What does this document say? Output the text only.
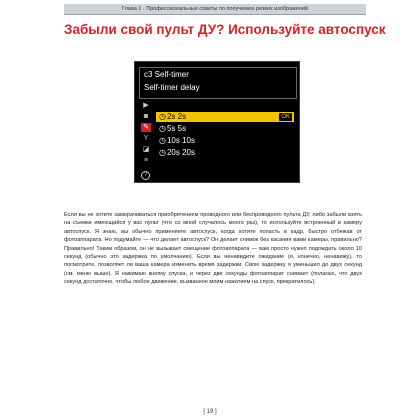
Глава 1 · Профессиональные советы по получению резких изображений
Забыли свой пульт ДУ? Используйте автоспуск
c3 Self-timer
Self-timer delay
▶
◙
✎
Y
◪
≡
?
◷2s 2s	OK
◷5s 5s
◷10s 10s
◷20s 20s
Если вы не хотите заморачиваться приобретением проводного или беспроводного пульта ДУ, либо забыли взять на съемки имеющийся у вас пульт (что со мной случалось много раз), то используйте встроенный в камеру автоспуск. Я знаю, вы обычно применяете автоспуск, когда хотите попасть в кадр, быстро отбежав от фотоаппарата. Но подумайте — что делает автоспуск? Он делает снимок без касания вами камеры, правильно? Правильно! Таким образом, он не вызывает смещение фотоаппарата — вам просто нужно подождать около 10 секунд (обычно это задержка по умолчанию). Если вы ненавидите ожидание (я, конечно, ненавижу), то посмотрите, позволяет ли ваша камера изменить время задержки. Свою задержку я уменьшил до двух секунд (см. меню выше). Я нажимаю кнопку спуска, и через две секунды фотоаппарат снимает (полагаю, что двух секунд достаточно, чтобы любое движение, вызванное моим нажатием на спуск, прекратилось).
[ 19 ]
